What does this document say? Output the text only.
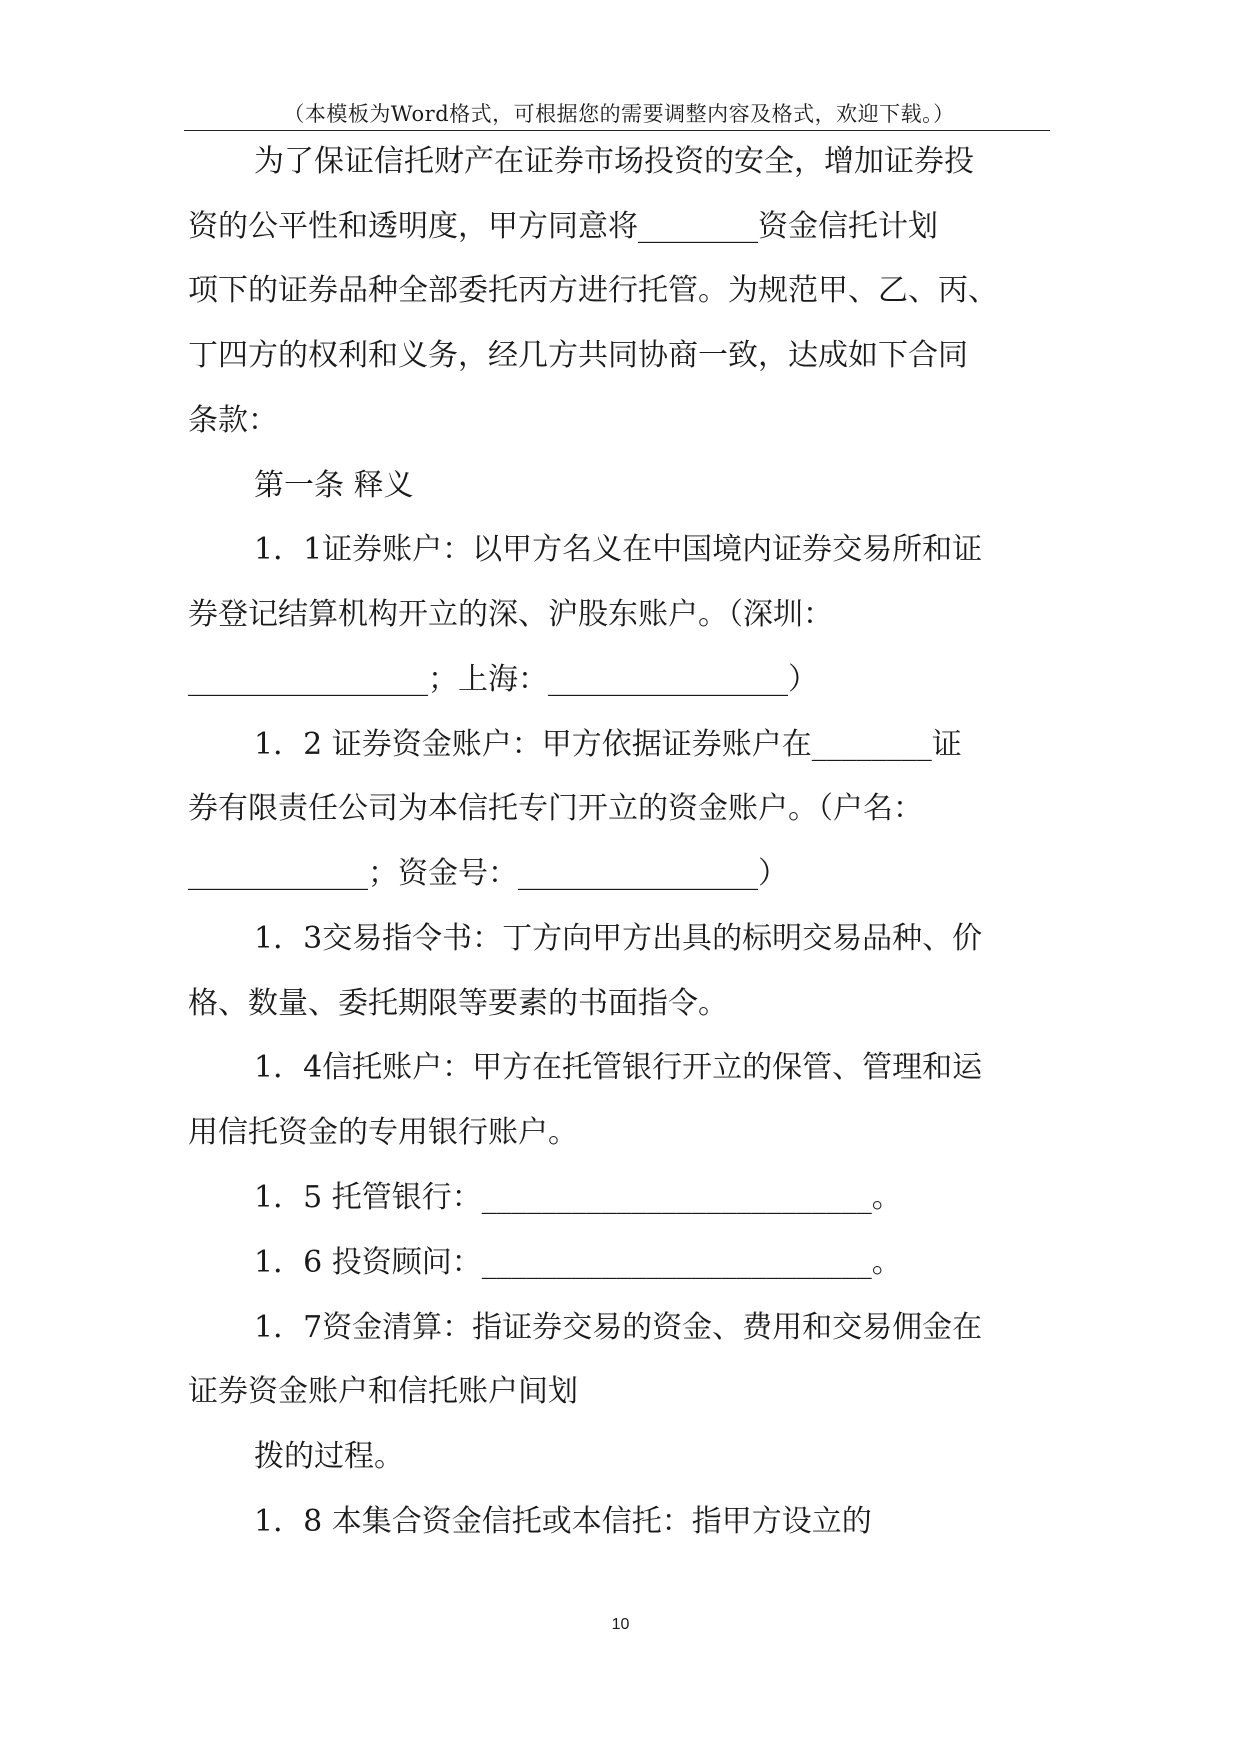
（本模板为Word格式，可根据您的需要调整内容及格式，欢迎下载。）
为了保证信托财产在证券市场投资的安全，增加证券投
资的公平性和透明度，甲方同意将________资金信托计划
项下的证券品种全部委托丙方进行托管。为规范甲、乙、丙、
丁四方的权利和义务，经几方共同协商一致，达成如下合同
条款：
第一条 释义
1．1证券账户：以甲方名义在中国境内证券交易所和证
券登记结算机构开立的深、沪股东账户。（深圳：
________________；上海：________________）
1．2 证券资金账户：甲方依据证券账户在________证
券有限责任公司为本信托专门开立的资金账户。（户名：
____________；资金号：________________）
1．3交易指令书：丁方向甲方出具的标明交易品种、价
格、数量、委托期限等要素的书面指令。
1．4信托账户：甲方在托管银行开立的保管、管理和运
用信托资金的专用银行账户。
1．5 托管银行：__________________________。
1．6 投资顾问：__________________________。
1．7资金清算：指证券交易的资金、费用和交易佣金在
证券资金账户和信托账户间划
拨的过程。
1．8 本集合资金信托或本信托：指甲方设立的
10
